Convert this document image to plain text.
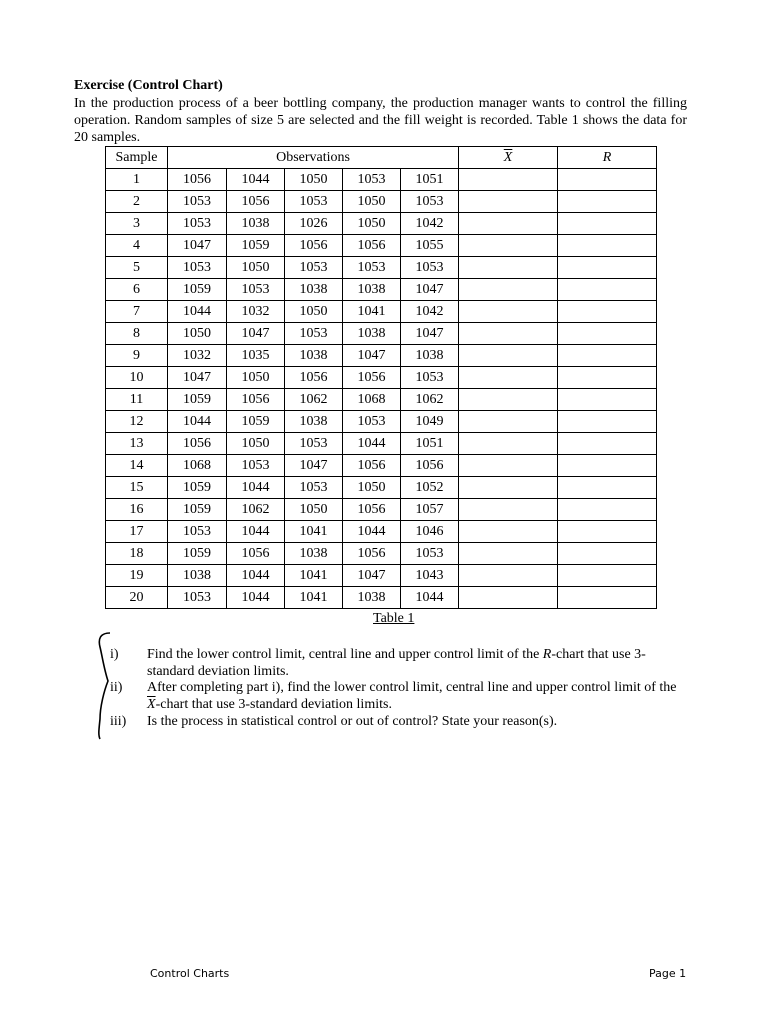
Exercise (Control Chart)
In the production process of a beer bottling company, the production manager wants to control the filling operation. Random samples of size 5 are selected and the fill weight is recorded. Table 1 shows the data for 20 samples.
Sample	Observations					$\overline{X}$	R
1	1056	1044	1050	1053	1051		
2	1053	1056	1053	1050	1053		
3	1053	1038	1026	1050	1042		
4	1047	1059	1056	1056	1055		
5	1053	1050	1053	1053	1053		
6	1059	1053	1038	1038	1047		
7	1044	1032	1050	1041	1042		
8	1050	1047	1053	1038	1047		
9	1032	1035	1038	1047	1038		
10	1047	1050	1056	1056	1053		
11	1059	1056	1062	1068	1062		
12	1044	1059	1038	1053	1049		
13	1056	1050	1053	1044	1051		
14	1068	1053	1047	1056	1056		
15	1059	1044	1053	1050	1052		
16	1059	1062	1050	1056	1057		
17	1053	1044	1041	1044	1046		
18	1059	1056	1038	1056	1053		
19	1038	1044	1041	1047	1043		
20	1053	1044	1041	1038	1044		
Table 1
i)	Find the lower control limit, central line and upper control limit of the R-chart that use 3-standard deviation limits.
ii)	After completing part i), find the lower control limit, central line and upper control limit of the $\overline{X}$-chart that use 3-standard deviation limits.
iii)	Is the process in statistical control or out of control? State your reason(s).
Control Charts	Page 1
